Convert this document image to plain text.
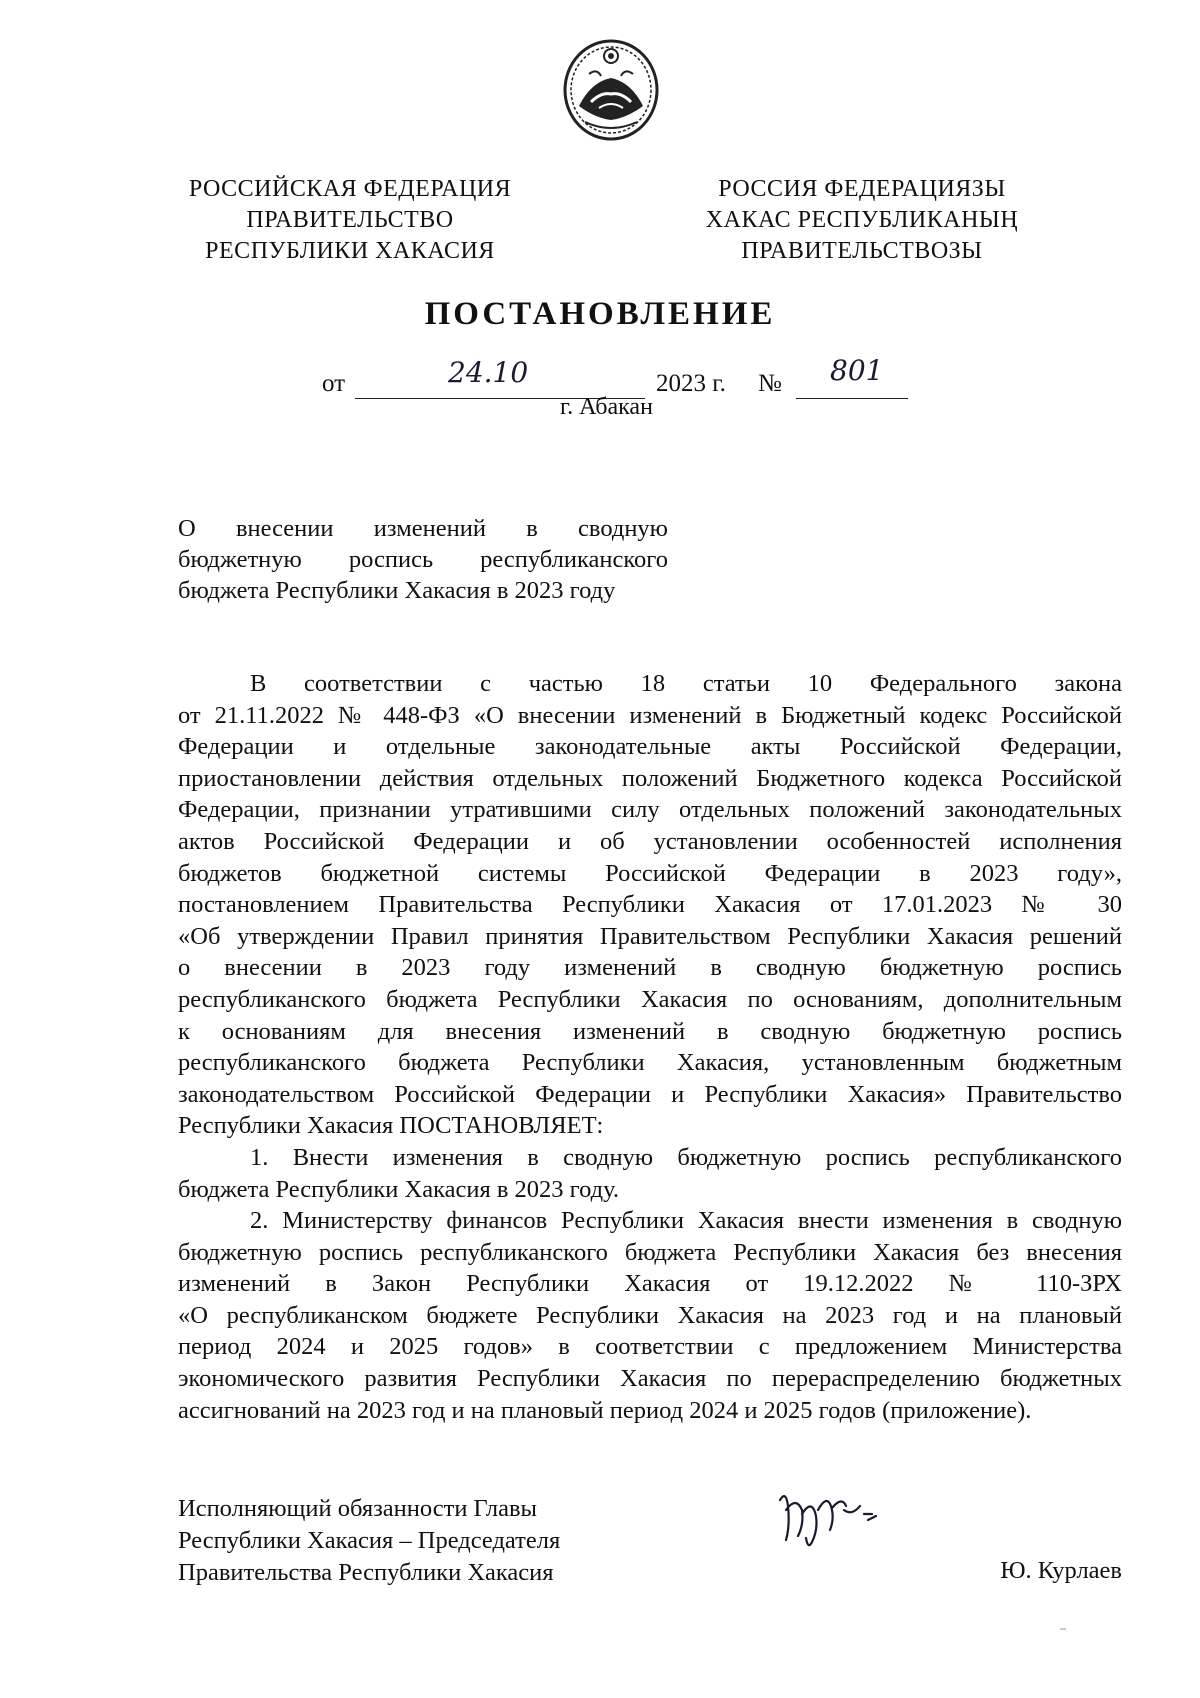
РОССИЙСКАЯ ФЕДЕРАЦИЯ
ПРАВИТЕЛЬСТВО
РЕСПУБЛИКИ ХАКАСИЯ
РОССИЯ ФЕДЕРАЦИЯЗЫ
ХАКАС РЕСПУБЛИКАНЫҢ
ПРАВИТЕЛЬСТВОЗЫ
ПОСТАНОВЛЕНИЕ
от	24.10	2023 г. № 801
г. Абакан
О внесении изменений в сводную
бюджетную роспись республиканского
бюджета Республики Хакасия в 2023 году
В соответствии с частью 18 статьи 10 Федерального закона
от 21.11.2022 № 448-ФЗ «О внесении изменений в Бюджетный кодекс Российской
Федерации и отдельные законодательные акты Российской Федерации,
приостановлении действия отдельных положений Бюджетного кодекса Российской
Федерации, признании утратившими силу отдельных положений законодательных
актов Российской Федерации и об установлении особенностей исполнения
бюджетов бюджетной системы Российской Федерации в 2023 году»,
постановлением Правительства Республики Хакасия от 17.01.2023 № 30
«Об утверждении Правил принятия Правительством Республики Хакасия решений
о внесении в 2023 году изменений в сводную бюджетную роспись
республиканского бюджета Республики Хакасия по основаниям, дополнительным
к основаниям для внесения изменений в сводную бюджетную роспись
республиканского бюджета Республики Хакасия, установленным бюджетным
законодательством Российской Федерации и Республики Хакасия» Правительство
Республики Хакасия ПОСТАНОВЛЯЕТ:
1. Внести изменения в сводную бюджетную роспись республиканского
бюджета Республики Хакасия в 2023 году.
2. Министерству финансов Республики Хакасия внести изменения в сводную
бюджетную роспись республиканского бюджета Республики Хакасия без внесения
изменений в Закон Республики Хакасия от 19.12.2022 № 110-ЗРХ
«О республиканском бюджете Республики Хакасия на 2023 год и на плановый
период 2024 и 2025 годов» в соответствии с предложением Министерства
экономического развития Республики Хакасия по перераспределению бюджетных
ассигнований на 2023 год и на плановый период 2024 и 2025 годов (приложение).
Исполняющий обязанности Главы
Республики Хакасия – Председателя
Правительства Республики Хакасия	Ю. Курлаев
